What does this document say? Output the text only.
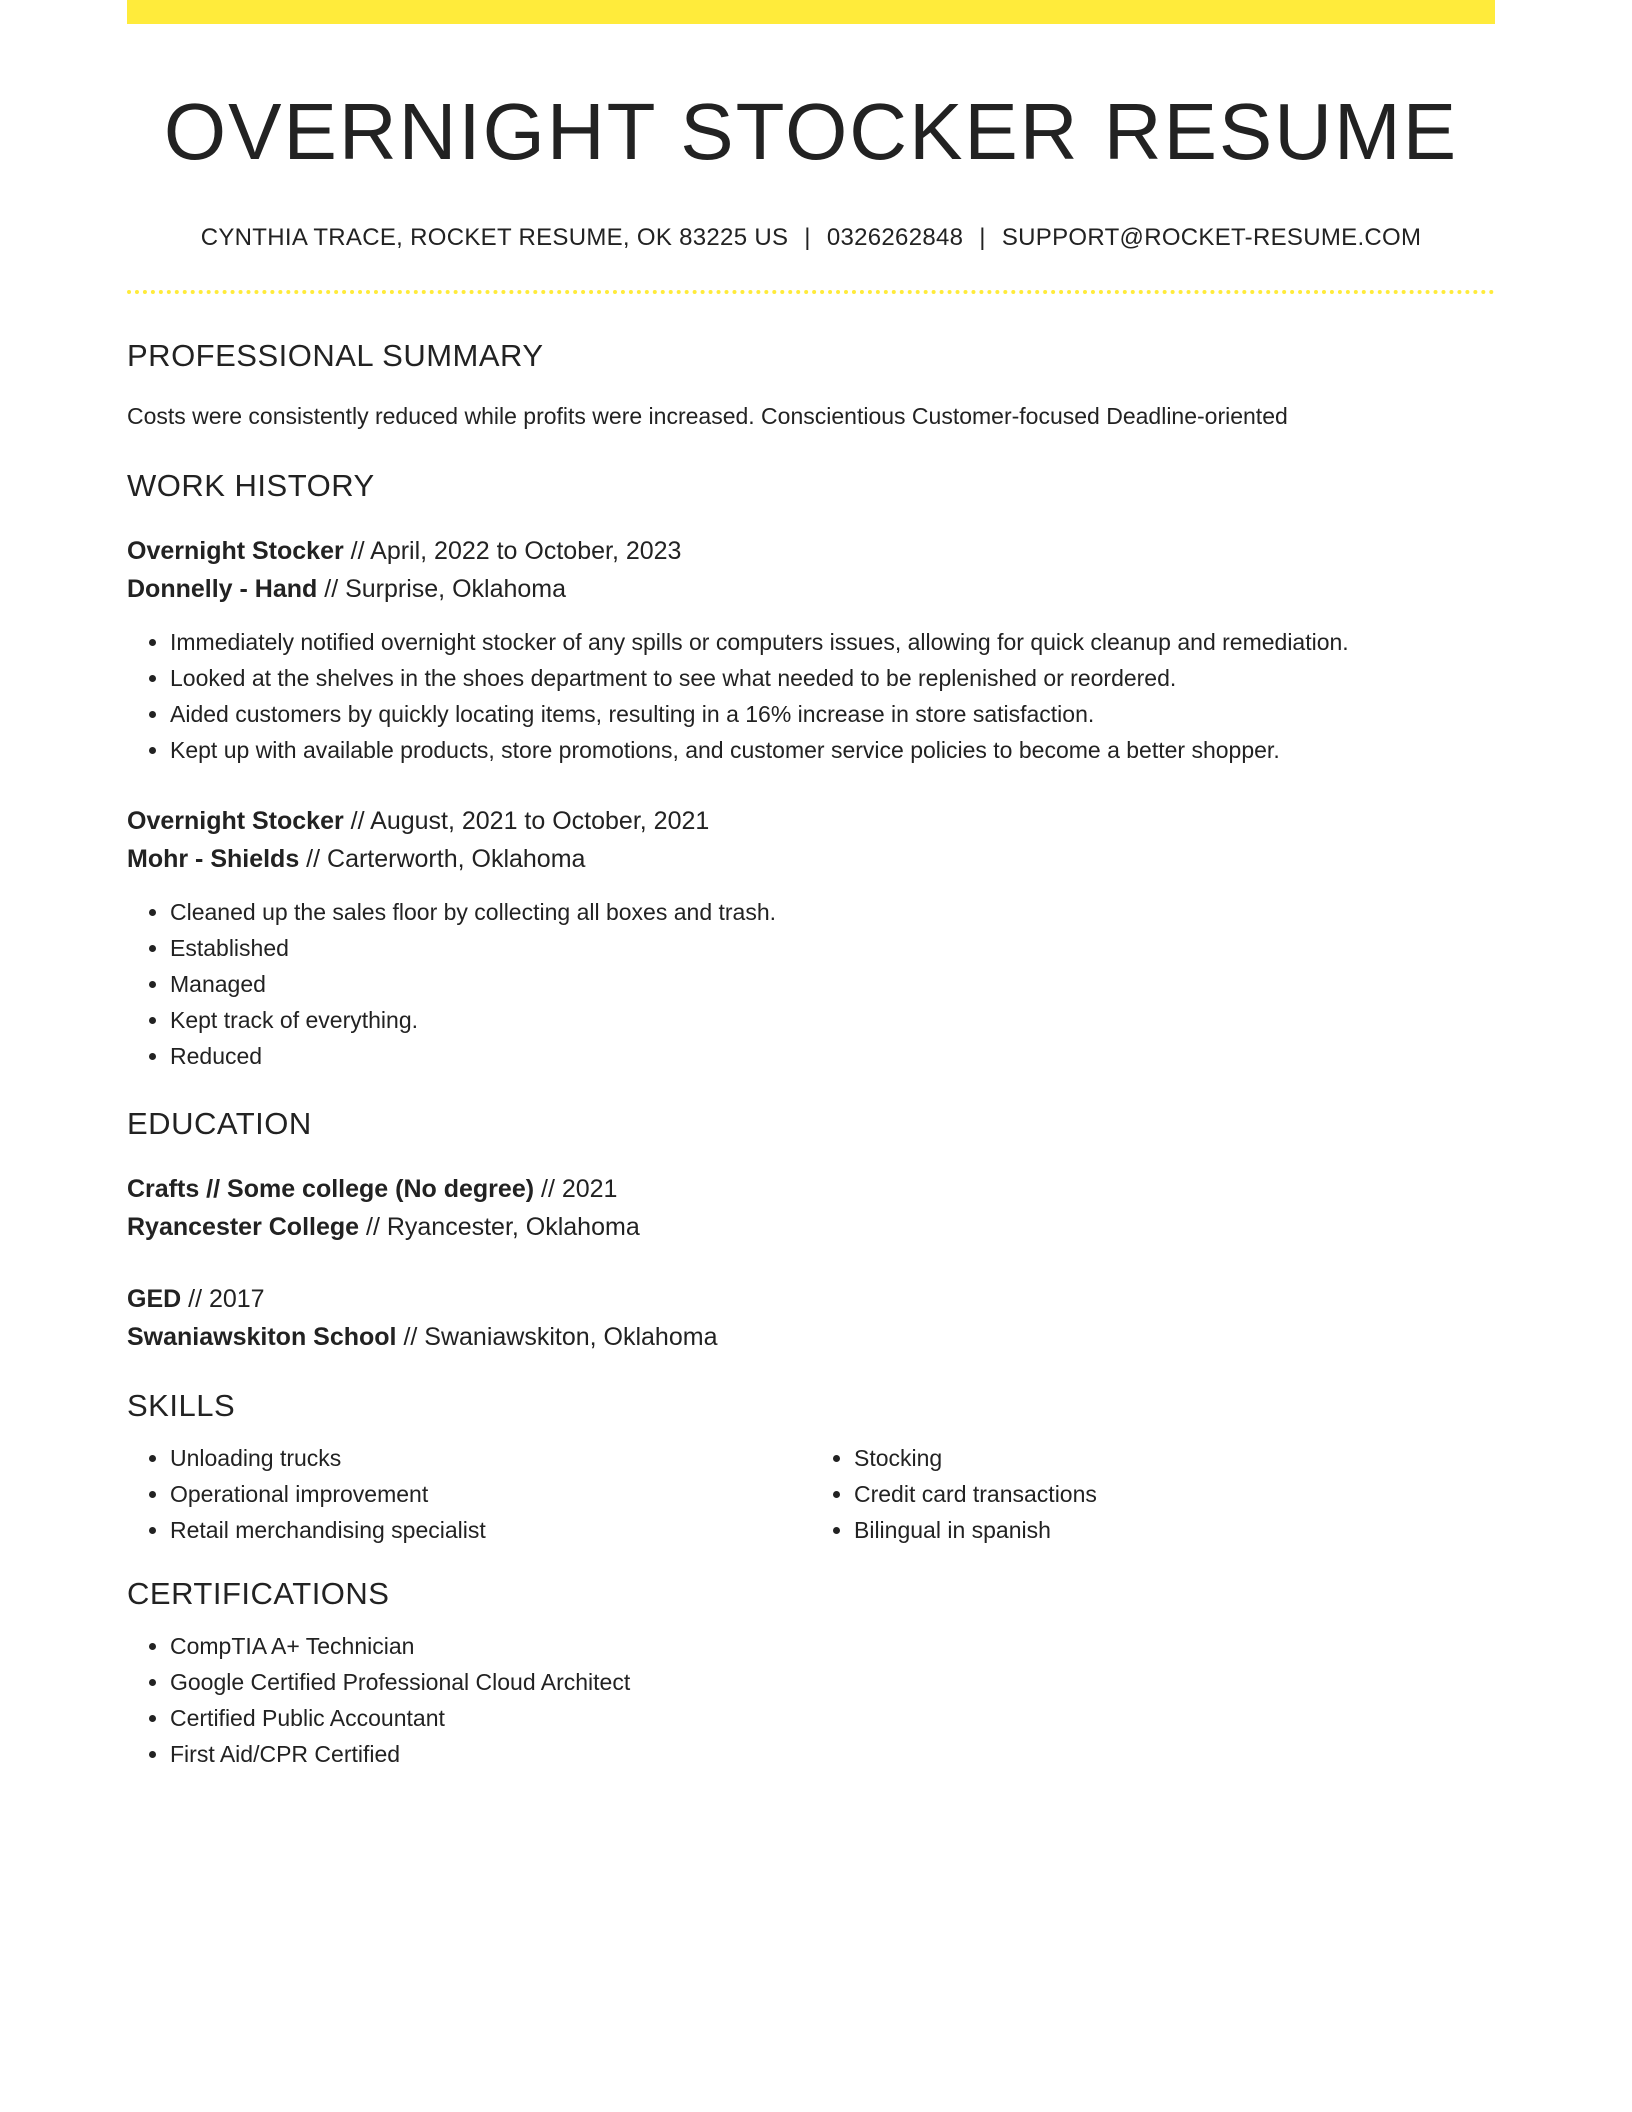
OVERNIGHT STOCKER RESUME
CYNTHIA TRACE, ROCKET RESUME, OK 83225 US | 0326262848 | SUPPORT@ROCKET-RESUME.COM
PROFESSIONAL SUMMARY
Costs were consistently reduced while profits were increased. Conscientious Customer-focused Deadline-oriented
WORK HISTORY
Overnight Stocker // April, 2022 to October, 2023
Donnelly - Hand // Surprise, Oklahoma
• Immediately notified overnight stocker of any spills or computers issues, allowing for quick cleanup and remediation.
• Looked at the shelves in the shoes department to see what needed to be replenished or reordered.
• Aided customers by quickly locating items, resulting in a 16% increase in store satisfaction.
• Kept up with available products, store promotions, and customer service policies to become a better shopper.
Overnight Stocker // August, 2021 to October, 2021
Mohr - Shields // Carterworth, Oklahoma
• Cleaned up the sales floor by collecting all boxes and trash.
• Established
• Managed
• Kept track of everything.
• Reduced
EDUCATION
Crafts // Some college (No degree) // 2021
Ryancester College // Ryancester, Oklahoma
GED // 2017
Swaniawskiton School // Swaniawskiton, Oklahoma
SKILLS
• Unloading trucks
• Operational improvement
• Retail merchandising specialist
• Stocking
• Credit card transactions
• Bilingual in spanish
CERTIFICATIONS
• CompTIA A+ Technician
• Google Certified Professional Cloud Architect
• Certified Public Accountant
• First Aid/CPR Certified
